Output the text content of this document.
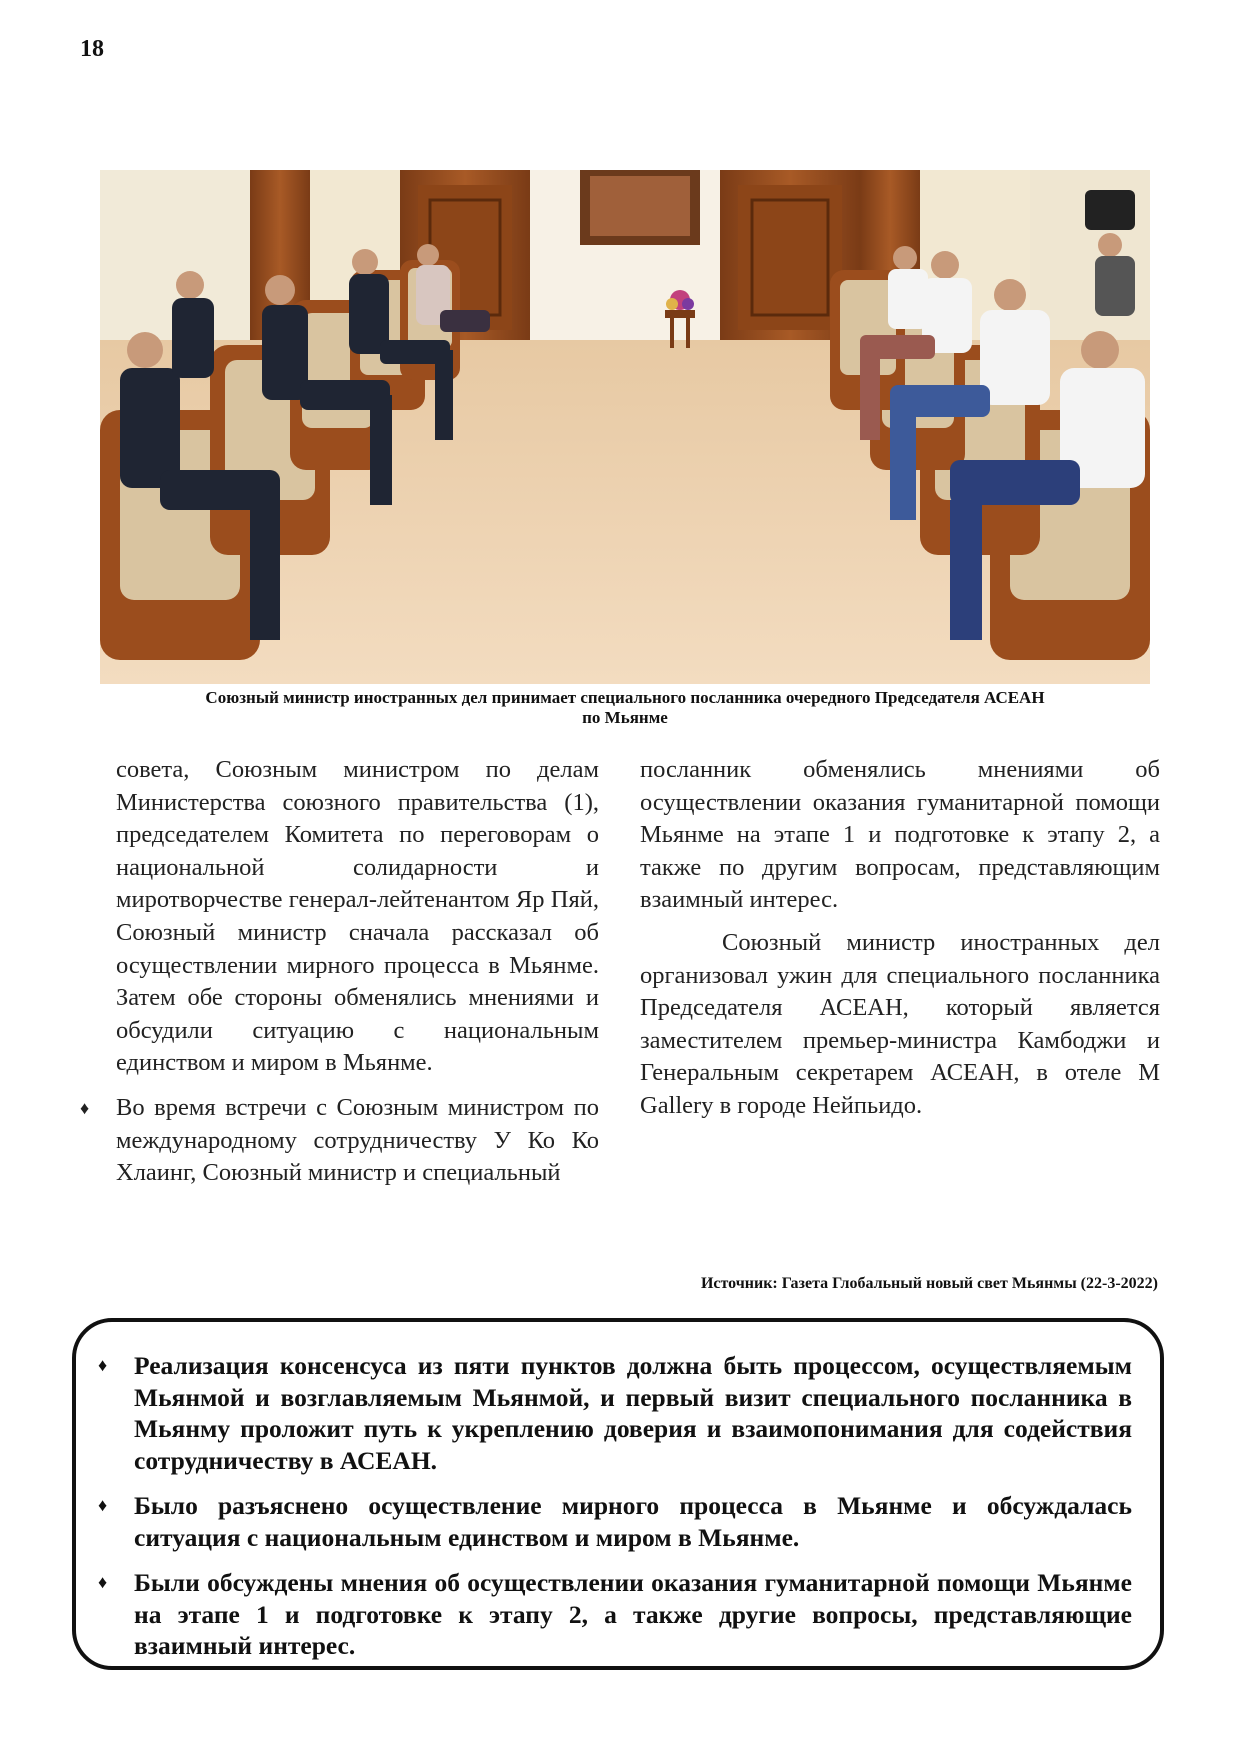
18
Союзный министр иностранных дел принимает специального посланника очередного Председателя АСЕАН
по Мьянме

совета, Союзным министром по делам Министерства союзного правительства (1), председателем Комитета по переговорам о национальной солидарности и миротворчестве генерал-лейтенантом Яр Пяй, Союзный министр сначала рассказал об осуществлении мирного процесса в Мьянме. Затем обе стороны обменялись мнениями и обсудили ситуацию с национальным единством и миром в Мьянме.

♦ Во время встречи с Союзным министром по международному сотрудничеству У Ко Ко Хлаинг, Союзный министр и специальный

посланник обменялись мнениями об осуществлении оказания гуманитарной помощи Мьянме на этапе 1 и подготовке к этапу 2, а также по другим вопросам, представляющим взаимный интерес.

Союзный министр иностранных дел организовал ужин для специального посланника Председателя АСЕАН, который является заместителем премьер-министра Камбоджи и Генеральным секретарем АСЕАН, в отеле M Gallery в городе Нейпьидо.

Источник: Газета Глобальный новый свет Мьянмы (22-3-2022)
♦ Реализация консенсуса из пяти пунктов должна быть процессом, осуществляемым Мьянмой и возглавляемым Мьянмой, и первый визит специального посланника в Мьянму проложит путь к укреплению доверия и взаимопонимания для содействия сотрудничеству в АСЕАН.
♦ Было разъяснено осуществление мирного процесса в Мьянме и обсуждалась ситуация с национальным единством и миром в Мьянме.
♦ Были обсуждены мнения об осуществлении оказания гуманитарной помощи Мьянме на этапе 1 и подготовке к этапу 2, а также другие вопросы, представляющие взаимный интерес.
